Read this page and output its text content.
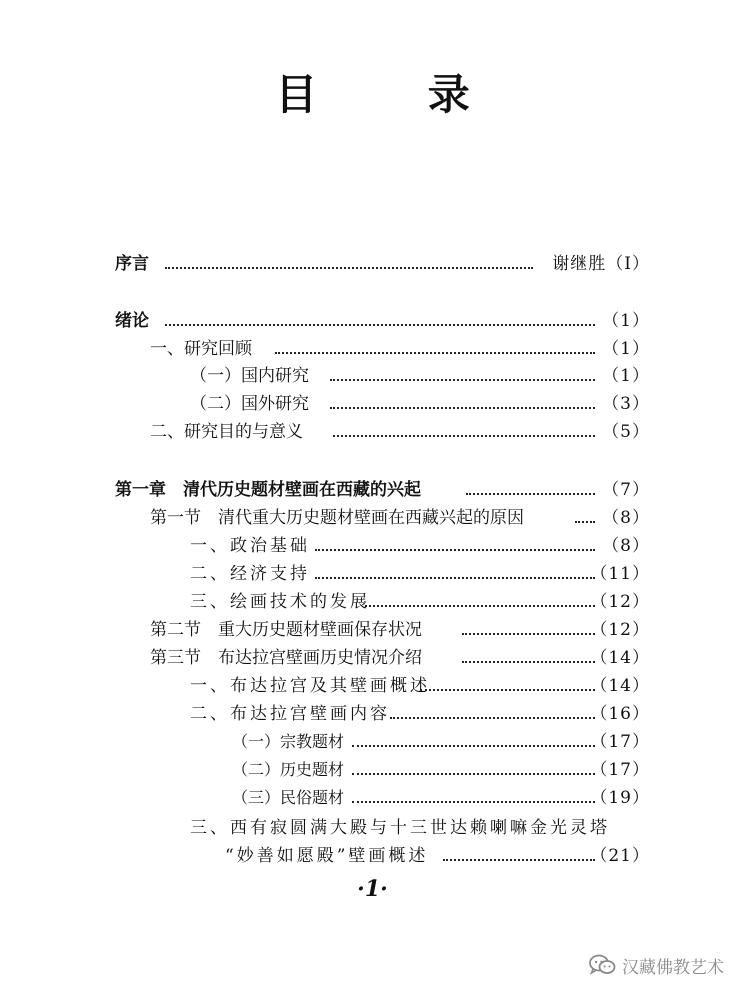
目 录
序言	谢继胜（Ⅰ）
绪论	（1）
一、研究回顾	（1）
（一）国内研究	（1）
（二）国外研究	（3）
二、研究目的与意义	（5）
第一章　清代历史题材壁画在西藏的兴起	（7）
第一节　清代重大历史题材壁画在西藏兴起的原因	（8）
一、政治基础	（8）
二、经济支持	（11）
三、绘画技术的发展	（12）
第二节　重大历史题材壁画保存状况	（12）
第三节　布达拉宫壁画历史情况介绍	（14）
一、布达拉宫及其壁画概述	（14）
二、布达拉宫壁画内容	（16）
（一）宗教题材	（17）
（二）历史题材	（17）
（三）民俗题材	（19）
三、西有寂圆满大殿与十三世达赖喇嘛金光灵塔
“妙善如愿殿”壁画概述	（21）
·1·
汉藏佛教艺术
